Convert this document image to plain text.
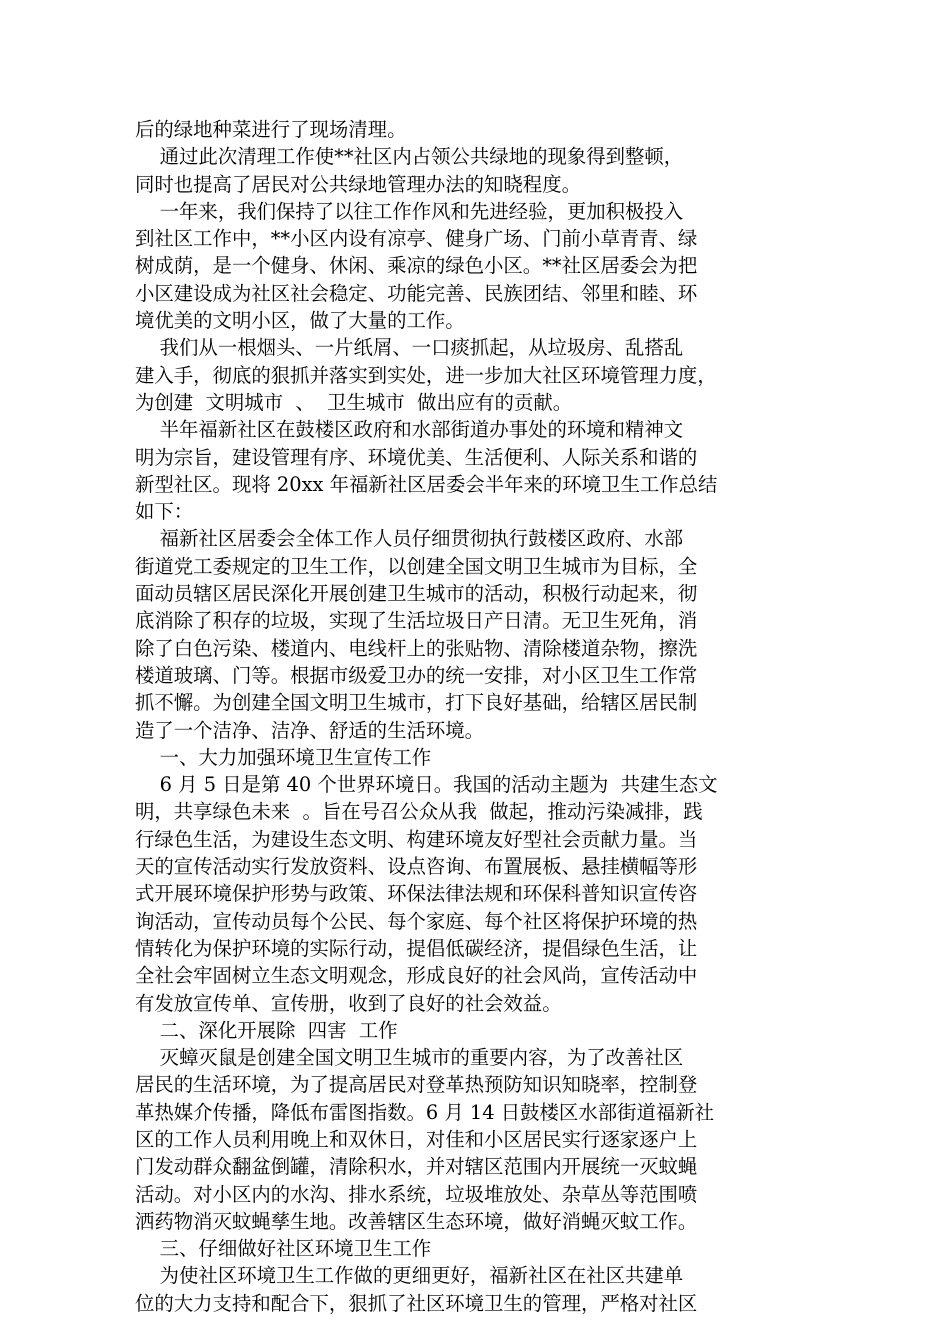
后的绿地种菜进行了现场清理。
通过此次清理工作使**社区内占领公共绿地的现象得到整顿，
同时也提高了居民对公共绿地管理办法的知晓程度。
一年来，我们保持了以往工作作风和先进经验，更加积极投入
到社区工作中，**小区内设有凉亭、健身广场、门前小草青青、绿
树成荫，是一个健身、休闲、乘凉的绿色小区。**社区居委会为把
小区建设成为社区社会稳定、功能完善、民族团结、邻里和睦、环
境优美的文明小区，做了大量的工作。
我们从一根烟头、一片纸屑、一口痰抓起，从垃圾房、乱搭乱
建入手，彻底的狠抓并落实到实处，进一步加大社区环境管理力度，
为创建  文明城市  、  卫生城市  做出应有的贡献。
半年福新社区在鼓楼区政府和水部街道办事处的环境和精神文
明为宗旨，建设管理有序、环境优美、生活便利、人际关系和谐的
新型社区。现将 20xx 年福新社区居委会半年来的环境卫生工作总结
如下：
福新社区居委会全体工作人员仔细贯彻执行鼓楼区政府、水部
街道党工委规定的卫生工作，以创建全国文明卫生城市为目标，全
面动员辖区居民深化开展创建卫生城市的活动，积极行动起来，彻
底消除了积存的垃圾，实现了生活垃圾日产日清。无卫生死角，消
除了白色污染、楼道内、电线杆上的张贴物、清除楼道杂物，擦洗
楼道玻璃、门等。根据市级爱卫办的统一安排，对小区卫生工作常
抓不懈。为创建全国文明卫生城市，打下良好基础，给辖区居民制
造了一个洁净、洁净、舒适的生活环境。
一、大力加强环境卫生宣传工作
6 月 5 日是第 40 个世界环境日。我国的活动主题为  共建生态文
明，共享绿色未来  。旨在号召公众从我  做起，推动污染减排，践
行绿色生活，为建设生态文明、构建环境友好型社会贡献力量。当
天的宣传活动实行发放资料、设点咨询、布置展板、悬挂横幅等形
式开展环境保护形势与政策、环保法律法规和环保科普知识宣传咨
询活动，宣传动员每个公民、每个家庭、每个社区将保护环境的热
情转化为保护环境的实际行动，提倡低碳经济，提倡绿色生活，让
全社会牢固树立生态文明观念，形成良好的社会风尚，宣传活动中
有发放宣传单、宣传册，收到了良好的社会效益。
二、深化开展除  四害  工作
灭蟑灭鼠是创建全国文明卫生城市的重要内容，为了改善社区
居民的生活环境，为了提高居民对登革热预防知识知晓率，控制登
革热媒介传播，降低布雷图指数。6 月 14 日鼓楼区水部街道福新社
区的工作人员利用晚上和双休日，对佳和小区居民实行逐家逐户上
门发动群众翻盆倒罐，清除积水，并对辖区范围内开展统一灭蚊蝇
活动。对小区内的水沟、排水系统，垃圾堆放处、杂草丛等范围喷
洒药物消灭蚊蝇孳生地。改善辖区生态环境，做好消蝇灭蚊工作。
三、仔细做好社区环境卫生工作
为使社区环境卫生工作做的更细更好，福新社区在社区共建单
位的大力支持和配合下，狠抓了社区环境卫生的管理，严格对社区
